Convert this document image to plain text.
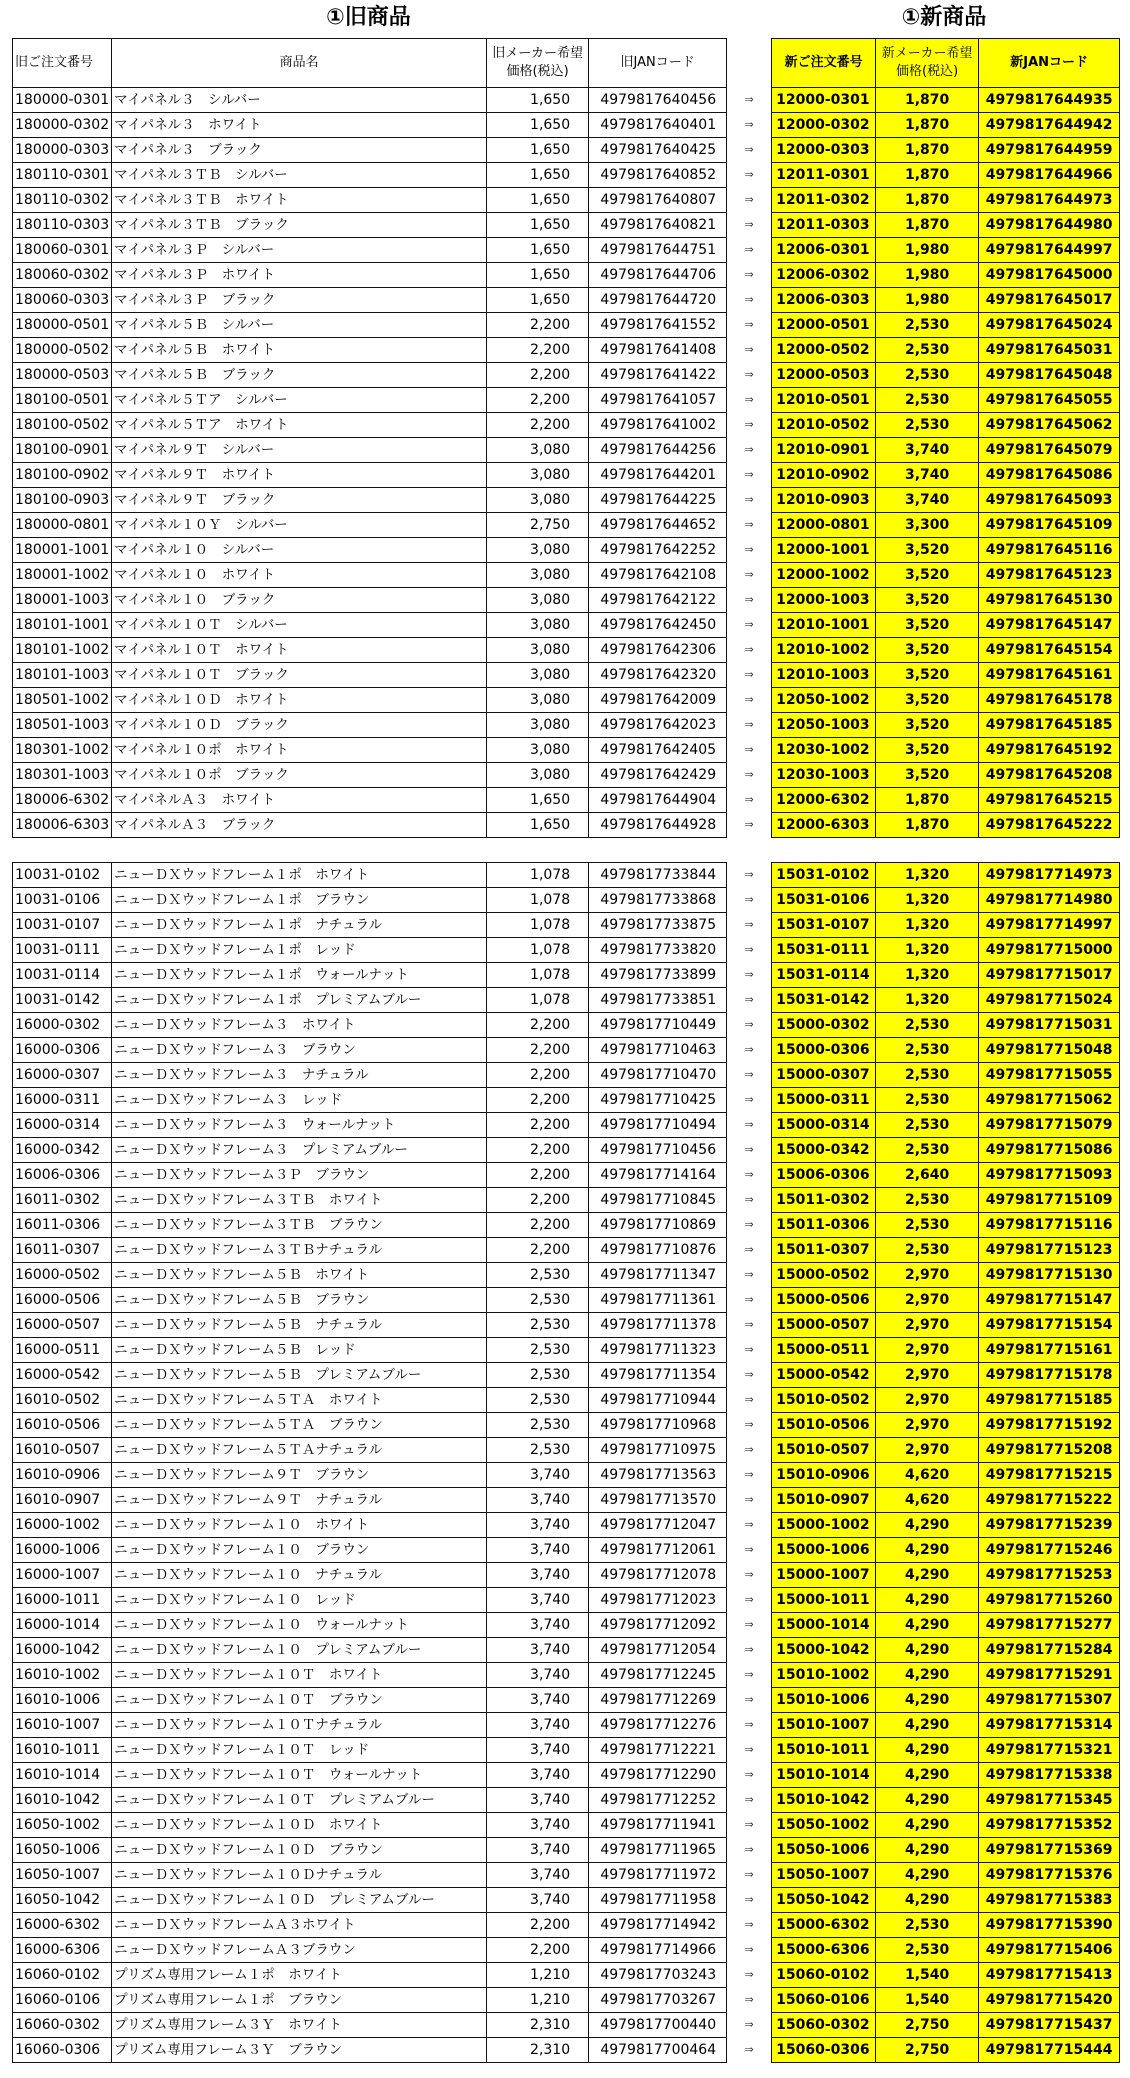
①旧商品	①新商品
旧ご注文番号	商品名	旧メーカー希望価格(税込)	旧JANコード		新ご注文番号	新メーカー希望価格(税込)	新JANコード
180000-0301	マイパネル３　シルバー	1,650	4979817640456	⇒	12000-0301	1,870	4979817644935
180000-0302	マイパネル３　ホワイト	1,650	4979817640401	⇒	12000-0302	1,870	4979817644942
180000-0303	マイパネル３　ブラック	1,650	4979817640425	⇒	12000-0303	1,870	4979817644959
180110-0301	マイパネル３ＴＢ　シルバー	1,650	4979817640852	⇒	12011-0301	1,870	4979817644966
180110-0302	マイパネル３ＴＢ　ホワイト	1,650	4979817640807	⇒	12011-0302	1,870	4979817644973
180110-0303	マイパネル３ＴＢ　ブラック	1,650	4979817640821	⇒	12011-0303	1,870	4979817644980
180060-0301	マイパネル３Ｐ　シルバー	1,650	4979817644751	⇒	12006-0301	1,980	4979817644997
180060-0302	マイパネル３Ｐ　ホワイト	1,650	4979817644706	⇒	12006-0302	1,980	4979817645000
180060-0303	マイパネル３Ｐ　ブラック	1,650	4979817644720	⇒	12006-0303	1,980	4979817645017
180000-0501	マイパネル５Ｂ　シルバー	2,200	4979817641552	⇒	12000-0501	2,530	4979817645024
180000-0502	マイパネル５Ｂ　ホワイト	2,200	4979817641408	⇒	12000-0502	2,530	4979817645031
180000-0503	マイパネル５Ｂ　ブラック	2,200	4979817641422	⇒	12000-0503	2,530	4979817645048
180100-0501	マイパネル５Ｔア　シルバー	2,200	4979817641057	⇒	12010-0501	2,530	4979817645055
180100-0502	マイパネル５Ｔア　ホワイト	2,200	4979817641002	⇒	12010-0502	2,530	4979817645062
180100-0901	マイパネル９Ｔ　シルバー	3,080	4979817644256	⇒	12010-0901	3,740	4979817645079
180100-0902	マイパネル９Ｔ　ホワイト	3,080	4979817644201	⇒	12010-0902	3,740	4979817645086
180100-0903	マイパネル９Ｔ　ブラック	3,080	4979817644225	⇒	12010-0903	3,740	4979817645093
180000-0801	マイパネル１０Ｙ　シルバー	2,750	4979817644652	⇒	12000-0801	3,300	4979817645109
180001-1001	マイパネル１０　シルバー	3,080	4979817642252	⇒	12000-1001	3,520	4979817645116
180001-1002	マイパネル１０　ホワイト	3,080	4979817642108	⇒	12000-1002	3,520	4979817645123
180001-1003	マイパネル１０　ブラック	3,080	4979817642122	⇒	12000-1003	3,520	4979817645130
180101-1001	マイパネル１０Ｔ　シルバー	3,080	4979817642450	⇒	12010-1001	3,520	4979817645147
180101-1002	マイパネル１０Ｔ　ホワイト	3,080	4979817642306	⇒	12010-1002	3,520	4979817645154
180101-1003	マイパネル１０Ｔ　ブラック	3,080	4979817642320	⇒	12010-1003	3,520	4979817645161
180501-1002	マイパネル１０Ｄ　ホワイト	3,080	4979817642009	⇒	12050-1002	3,520	4979817645178
180501-1003	マイパネル１０Ｄ　ブラック	3,080	4979817642023	⇒	12050-1003	3,520	4979817645185
180301-1002	マイパネル１０ポ　ホワイト	3,080	4979817642405	⇒	12030-1002	3,520	4979817645192
180301-1003	マイパネル１０ポ　ブラック	3,080	4979817642429	⇒	12030-1003	3,520	4979817645208
180006-6302	マイパネルＡ３　ホワイト	1,650	4979817644904	⇒	12000-6302	1,870	4979817645215
180006-6303	マイパネルＡ３　ブラック	1,650	4979817644928	⇒	12000-6303	1,870	4979817645222

10031-0102	ニューＤＸウッドフレーム１ポ　ホワイト	1,078	4979817733844	⇒	15031-0102	1,320	4979817714973
10031-0106	ニューＤＸウッドフレーム１ポ　ブラウン	1,078	4979817733868	⇒	15031-0106	1,320	4979817714980
10031-0107	ニューＤＸウッドフレーム１ポ　ナチュラル	1,078	4979817733875	⇒	15031-0107	1,320	4979817714997
10031-0111	ニューＤＸウッドフレーム１ポ　レッド	1,078	4979817733820	⇒	15031-0111	1,320	4979817715000
10031-0114	ニューＤＸウッドフレーム１ポ　ウォールナット	1,078	4979817733899	⇒	15031-0114	1,320	4979817715017
10031-0142	ニューＤＸウッドフレーム１ポ　プレミアムブルー	1,078	4979817733851	⇒	15031-0142	1,320	4979817715024
16000-0302	ニューＤＸウッドフレーム３　ホワイト	2,200	4979817710449	⇒	15000-0302	2,530	4979817715031
16000-0306	ニューＤＸウッドフレーム３　ブラウン	2,200	4979817710463	⇒	15000-0306	2,530	4979817715048
16000-0307	ニューＤＸウッドフレーム３　ナチュラル	2,200	4979817710470	⇒	15000-0307	2,530	4979817715055
16000-0311	ニューＤＸウッドフレーム３　レッド	2,200	4979817710425	⇒	15000-0311	2,530	4979817715062
16000-0314	ニューＤＸウッドフレーム３　ウォールナット	2,200	4979817710494	⇒	15000-0314	2,530	4979817715079
16000-0342	ニューＤＸウッドフレーム３　プレミアムブルー	2,200	4979817710456	⇒	15000-0342	2,530	4979817715086
16006-0306	ニューＤＸウッドフレーム３Ｐ　ブラウン	2,200	4979817714164	⇒	15006-0306	2,640	4979817715093
16011-0302	ニューＤＸウッドフレーム３ＴＢ　ホワイト	2,200	4979817710845	⇒	15011-0302	2,530	4979817715109
16011-0306	ニューＤＸウッドフレーム３ＴＢ　ブラウン	2,200	4979817710869	⇒	15011-0306	2,530	4979817715116
16011-0307	ニューＤＸウッドフレーム３ＴＢナチュラル	2,200	4979817710876	⇒	15011-0307	2,530	4979817715123
16000-0502	ニューＤＸウッドフレーム５Ｂ　ホワイト	2,530	4979817711347	⇒	15000-0502	2,970	4979817715130
16000-0506	ニューＤＸウッドフレーム５Ｂ　ブラウン	2,530	4979817711361	⇒	15000-0506	2,970	4979817715147
16000-0507	ニューＤＸウッドフレーム５Ｂ　ナチュラル	2,530	4979817711378	⇒	15000-0507	2,970	4979817715154
16000-0511	ニューＤＸウッドフレーム５Ｂ　レッド	2,530	4979817711323	⇒	15000-0511	2,970	4979817715161
16000-0542	ニューＤＸウッドフレーム５Ｂ　プレミアムブルー	2,530	4979817711354	⇒	15000-0542	2,970	4979817715178
16010-0502	ニューＤＸウッドフレーム５ＴＡ　ホワイト	2,530	4979817710944	⇒	15010-0502	2,970	4979817715185
16010-0506	ニューＤＸウッドフレーム５ＴＡ　ブラウン	2,530	4979817710968	⇒	15010-0506	2,970	4979817715192
16010-0507	ニューＤＸウッドフレーム５ＴＡナチュラル	2,530	4979817710975	⇒	15010-0507	2,970	4979817715208
16010-0906	ニューＤＸウッドフレーム９Ｔ　ブラウン	3,740	4979817713563	⇒	15010-0906	4,620	4979817715215
16010-0907	ニューＤＸウッドフレーム９Ｔ　ナチュラル	3,740	4979817713570	⇒	15010-0907	4,620	4979817715222
16000-1002	ニューＤＸウッドフレーム１０　ホワイト	3,740	4979817712047	⇒	15000-1002	4,290	4979817715239
16000-1006	ニューＤＸウッドフレーム１０　ブラウン	3,740	4979817712061	⇒	15000-1006	4,290	4979817715246
16000-1007	ニューＤＸウッドフレーム１０　ナチュラル	3,740	4979817712078	⇒	15000-1007	4,290	4979817715253
16000-1011	ニューＤＸウッドフレーム１０　レッド	3,740	4979817712023	⇒	15000-1011	4,290	4979817715260
16000-1014	ニューＤＸウッドフレーム１０　ウォールナット	3,740	4979817712092	⇒	15000-1014	4,290	4979817715277
16000-1042	ニューＤＸウッドフレーム１０　プレミアムブルー	3,740	4979817712054	⇒	15000-1042	4,290	4979817715284
16010-1002	ニューＤＸウッドフレーム１０Ｔ　ホワイト	3,740	4979817712245	⇒	15010-1002	4,290	4979817715291
16010-1006	ニューＤＸウッドフレーム１０Ｔ　ブラウン	3,740	4979817712269	⇒	15010-1006	4,290	4979817715307
16010-1007	ニューＤＸウッドフレーム１０Ｔナチュラル	3,740	4979817712276	⇒	15010-1007	4,290	4979817715314
16010-1011	ニューＤＸウッドフレーム１０Ｔ　レッド	3,740	4979817712221	⇒	15010-1011	4,290	4979817715321
16010-1014	ニューＤＸウッドフレーム１０Ｔ　ウォールナット	3,740	4979817712290	⇒	15010-1014	4,290	4979817715338
16010-1042	ニューＤＸウッドフレーム１０Ｔ　プレミアムブルー	3,740	4979817712252	⇒	15010-1042	4,290	4979817715345
16050-1002	ニューＤＸウッドフレーム１０Ｄ　ホワイト	3,740	4979817711941	⇒	15050-1002	4,290	4979817715352
16050-1006	ニューＤＸウッドフレーム１０Ｄ　ブラウン	3,740	4979817711965	⇒	15050-1006	4,290	4979817715369
16050-1007	ニューＤＸウッドフレーム１０Ｄナチュラル	3,740	4979817711972	⇒	15050-1007	4,290	4979817715376
16050-1042	ニューＤＸウッドフレーム１０Ｄ　プレミアムブルー	3,740	4979817711958	⇒	15050-1042	4,290	4979817715383
16000-6302	ニューＤＸウッドフレームＡ３ホワイト	2,200	4979817714942	⇒	15000-6302	2,530	4979817715390
16000-6306	ニューＤＸウッドフレームＡ３ブラウン	2,200	4979817714966	⇒	15000-6306	2,530	4979817715406
16060-0102	プリズム専用フレーム１ポ　ホワイト	1,210	4979817703243	⇒	15060-0102	1,540	4979817715413
16060-0106	プリズム専用フレーム１ポ　ブラウン	1,210	4979817703267	⇒	15060-0106	1,540	4979817715420
16060-0302	プリズム専用フレーム３Ｙ　ホワイト	2,310	4979817700440	⇒	15060-0302	2,750	4979817715437
16060-0306	プリズム専用フレーム３Ｙ　ブラウン	2,310	4979817700464	⇒	15060-0306	2,750	4979817715444
